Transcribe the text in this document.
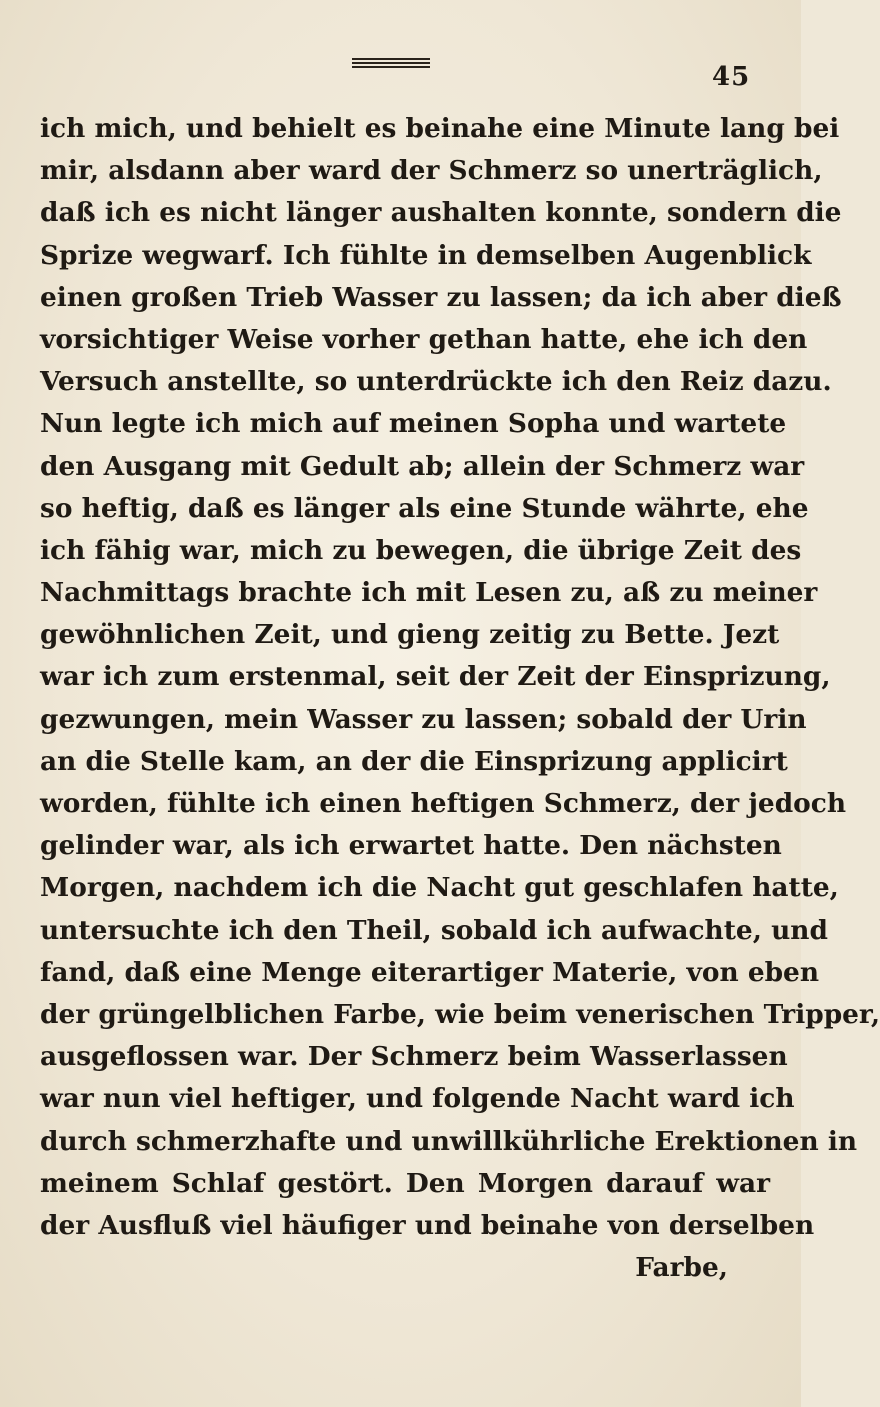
45
ich mich, und behielt es beinahe eine Minute lang bei
mir, alsdann aber ward der Schmerz so unerträglich,
daß ich es nicht länger aushalten konnte, sondern die
Sprize wegwarf. Ich fühlte in demselben Augenblick
einen großen Trieb Wasser zu lassen; da ich aber dieß
vorsichtiger Weise vorher gethan hatte, ehe ich den
Versuch anstellte, so unterdrückte ich den Reiz dazu.
Nun legte ich mich auf meinen Sopha und wartete
den Ausgang mit Gedult ab; allein der Schmerz war
so heftig, daß es länger als eine Stunde währte, ehe
ich fähig war, mich zu bewegen, die übrige Zeit des
Nachmittags brachte ich mit Lesen zu, aß zu meiner
gewöhnlichen Zeit, und gieng zeitig zu Bette. Jezt
war ich zum erstenmal, seit der Zeit der Einsprizung,
gezwungen, mein Wasser zu lassen; sobald der Urin
an die Stelle kam, an der die Einsprizung applicirt
worden, fühlte ich einen heftigen Schmerz, der jedoch
gelinder war, als ich erwartet hatte. Den nächsten
Morgen, nachdem ich die Nacht gut geschlafen hatte,
untersuchte ich den Theil, sobald ich aufwachte, und
fand, daß eine Menge eiterartiger Materie, von eben
der grüngelblichen Farbe, wie beim venerischen Tripper,
ausgeflossen war. Der Schmerz beim Wasserlassen
war nun viel heftiger, und folgende Nacht ward ich
durch schmerzhafte und unwillkührliche Erektionen in
meinem Schlaf gestört. Den Morgen darauf war
der Ausfluß viel häufiger und beinahe von derselben
Farbe,
